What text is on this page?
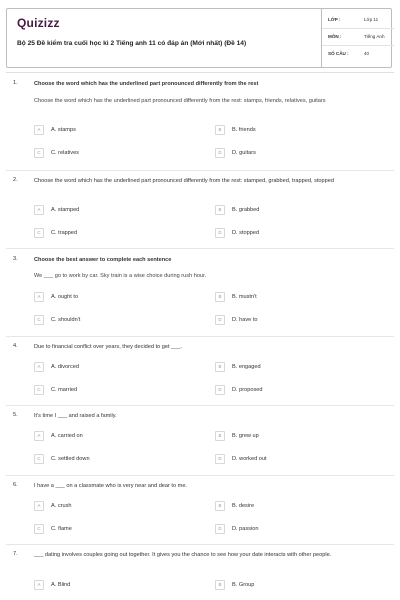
Quizizz
Bộ 25 Đề kiểm tra cuối học kì 2 Tiếng anh 11 có đáp án (Mới nhất) (Đề 14)
LỚP :	Lớp 11
MÔN :	Tiếng Anh
SỐ CÂU :	40
1.	Choose the word which has the underlined part pronounced differently from the rest
Choose the word which has the underlined part pronounced differently from the rest: stamps, friends, relatives, guitars
A	A. stamps	B	B. friends
C	C. relatives	D	D. guitars
2.	Choose the word which has the underlined part pronounced differently from the rest: stamped, grabbed, trapped, stopped
A	A. stamped	B	B. grabbed
C	C. trapped	D	D. stopped
3.	Choose the best answer to complete each sentence
We ___ go to work by car. Sky train is a wise choice during rush hour.
A	A. ought to	B	B. mustn't
C	C. shouldn't	D	D. have to
4.	Due to financial conflict over years, they decided to get ___.
A	A. divorced	B	B. engaged
C	C. married	D	D. proposed
5.	It's time I ___ and raised a family.
A	A. carried on	B	B. grew up
C	C. settled down	D	D. worked out
6.	I have a ___ on a classmate who is very near and dear to me.
A	A. crush	B	B. desire
C	C. flame	D	D. passion
7.	___ dating involves couples going out together. It gives you the chance to see how your date interacts with other people.
A	A. Blind	B	B. Group
